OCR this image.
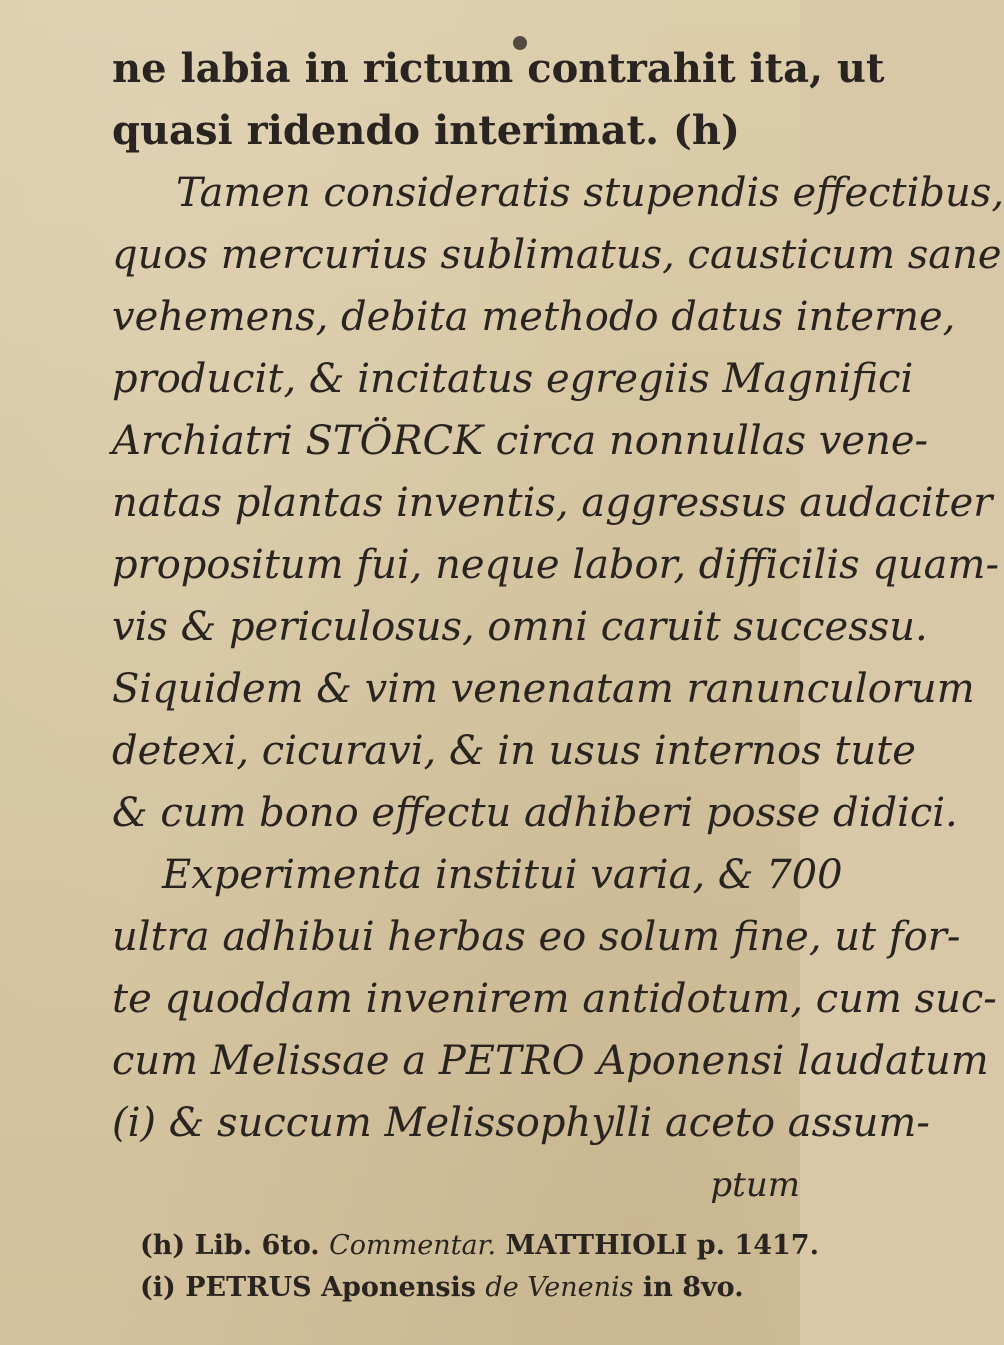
ne labia in rictum contrahit ita, ut
quasi ridendo interimat. (h)
Tamen consideratis stupendis effectibus,
quos mercurius sublimatus, causticum sane
vehemens, debita methodo datus interne,
producit, & incitatus egregiis Magnifici
Archiatri STÖRCK circa nonnullas vene-
natas plantas inventis, aggressus audaciter
propositum fui, neque labor, difficilis quam-
vis & periculosus, omni caruit successu.
Siquidem & vim venenatam ranunculorum
detexi, cicuravi, & in usus internos tute
& cum bono effectu adhiberi posse didici.
Experimenta institui varia, & 700
ultra adhibui herbas eo solum fine, ut for-
te quoddam invenirem antidotum, cum suc-
cum Melissae a PETRO Aponensi laudatum
(i) & succum Melissophylli aceto assum-
ptum
(h) Lib. 6to. Commentar. MATTHIOLI p. 1417.
(i) PETRUS Aponensis de Venenis in 8vo.
